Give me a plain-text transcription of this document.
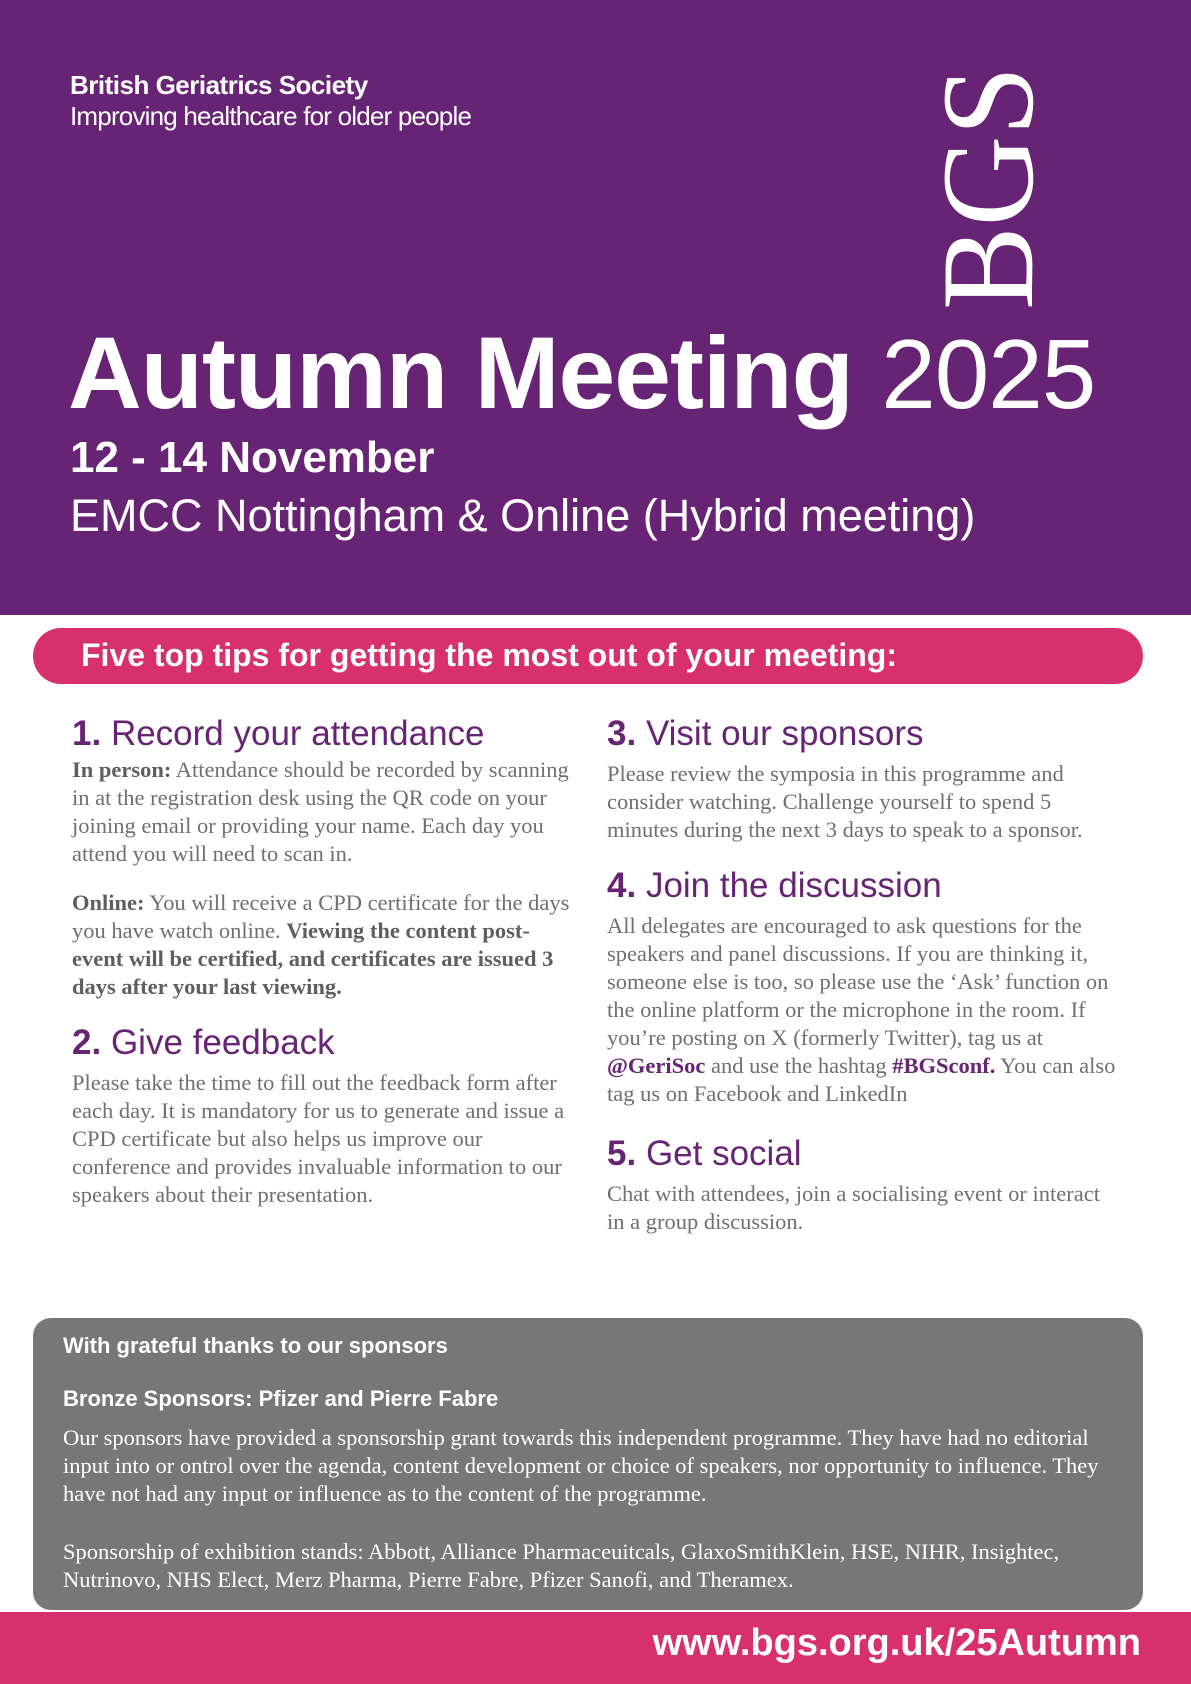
British Geriatrics Society

Improving healthcare for older people	BGS
Autumn Meeting 2025

12 - 14 November

EMCC Nottingham & Online (Hybrid meeting)

Five top tips for getting the most out of your meeting:
1. Record your attendance

In person: Attendance should be recorded by scanning in at the registration desk using the QR code on your joining email or providing your name. Each day you attend you will need to scan in.

Online: You will receive a CPD certificate for the days you have watch online. Viewing the content post-event will be certified, and certificates are issued 3 days after your last viewing.

2. Give feedback

Please take the time to fill out the feedback form after each day. It is mandatory for us to generate and issue a CPD certificate but also helps us improve our conference and provides invaluable information to our speakers about their presentation.

3. Visit our sponsors

Please review the symposia in this programme and consider watching. Challenge yourself to spend 5 minutes during the next 3 days to speak to a sponsor.

4. Join the discussion

All delegates are encouraged to ask questions for the speakers and panel discussions. If you are thinking it, someone else is too, so please use the ‘Ask’ function on the online platform or the microphone in the room. If you’re posting on X (formerly Twitter), tag us at @GeriSoc and use the hashtag #BGSconf. You can also tag us on Facebook and LinkedIn

5. Get social

Chat with attendees, join a socialising event or interact in a group discussion.

With grateful thanks to our sponsors
Bronze Sponsors: Pfizer and Pierre Fabre

Our sponsors have provided a sponsorship grant towards this independent programme. They have had no editorial input into or ontrol over the agenda, content development or choice of speakers, nor opportunity to influence. They have not had any input or influence as to the content of the programme.

Sponsorship of exhibition stands: Abbott, Alliance Pharmaceuitcals, GlaxoSmithKlein, HSE, NIHR, Insightec, Nutrinovo, NHS Elect, Merz Pharma, Pierre Fabre, Pfizer Sanofi, and Theramex.

www.bgs.org.uk/25Autumn
